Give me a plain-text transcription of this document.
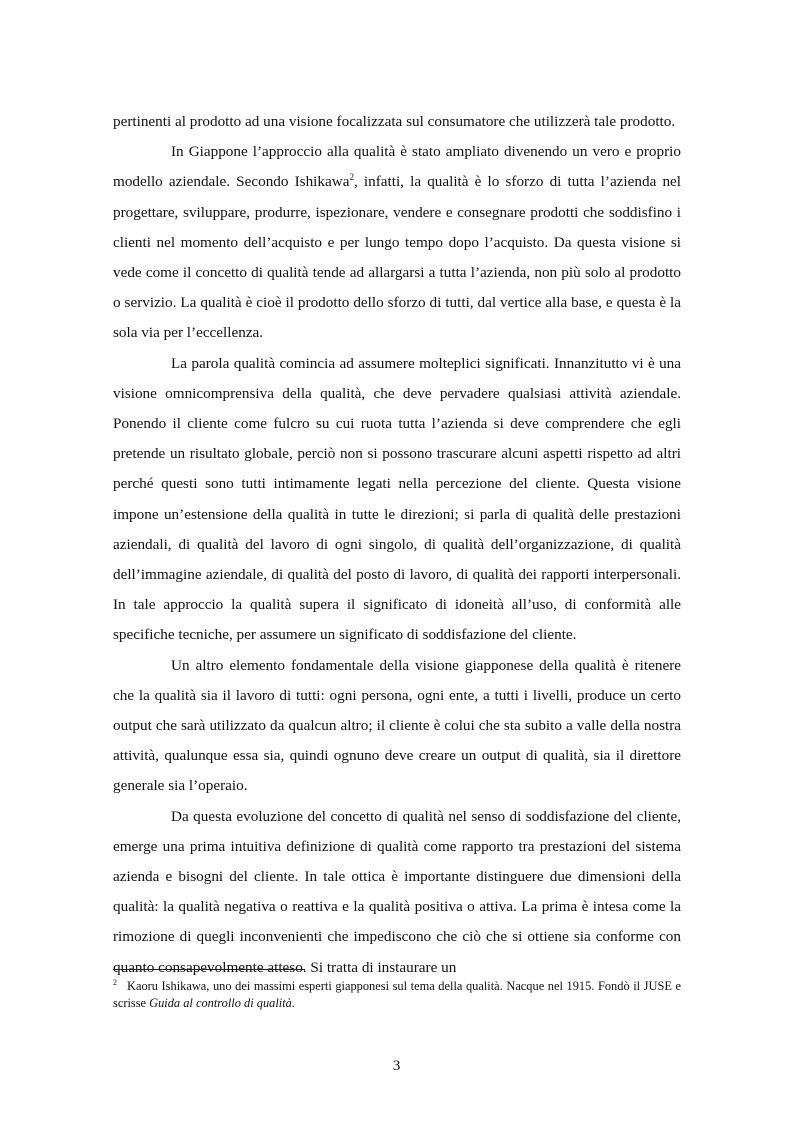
pertinenti al prodotto ad una visione focalizzata sul consumatore che utilizzerà tale prodotto.

In Giappone l’approccio alla qualità è stato ampliato divenendo un vero e proprio modello aziendale. Secondo Ishikawa$^2$, infatti, la qualità è lo sforzo di tutta l’azienda nel progettare, sviluppare, produrre, ispezionare, vendere e consegnare prodotti che soddisfino i clienti nel momento dell’acquisto e per lungo tempo dopo l’acquisto. Da questa visione si vede come il concetto di qualità tende ad allargarsi a tutta l’azienda, non più solo al prodotto o servizio. La qualità è cioè il prodotto dello sforzo di tutti, dal vertice alla base, e questa è la sola via per l’eccellenza.

La parola qualità comincia ad assumere molteplici significati. Innanzitutto vi è una visione omnicomprensiva della qualità, che deve pervadere qualsiasi attività aziendale. Ponendo il cliente come fulcro su cui ruota tutta l’azienda si deve comprendere che egli pretende un risultato globale, perciò non si possono trascurare alcuni aspetti rispetto ad altri perché questi sono tutti intimamente legati nella percezione del cliente. Questa visione impone un’estensione della qualità in tutte le direzioni; si parla di qualità delle prestazioni aziendali, di qualità del lavoro di ogni singolo, di qualità dell’organizzazione, di qualità dell’immagine aziendale, di qualità del posto di lavoro, di qualità dei rapporti interpersonali. In tale approccio la qualità supera il significato di idoneità all’uso, di conformità alle specifiche tecniche, per assumere un significato di soddisfazione del cliente.

Un altro elemento fondamentale della visione giapponese della qualità è ritenere che la qualità sia il lavoro di tutti: ogni persona, ogni ente, a tutti i livelli, produce un certo output che sarà utilizzato da qualcun altro; il cliente è colui che sta subito a valle della nostra attività, qualunque essa sia, quindi ognuno deve creare un output di qualità, sia il direttore generale sia l’operaio.

Da questa evoluzione del concetto di qualità nel senso di soddisfazione del cliente, emerge una prima intuitiva definizione di qualità come rapporto tra prestazioni del sistema azienda e bisogni del cliente. In tale ottica è importante distinguere due dimensioni della qualità: la qualità negativa o reattiva e la qualità positiva o attiva. La prima è intesa come la rimozione di quegli inconvenienti che impediscono che ciò che si ottiene sia conforme con quanto consapevolmente atteso. Si tratta di instaurare un

$^2$ Kaoru Ishikawa, uno dei massimi esperti giapponesi sul tema della qualità. Nacque nel 1915. Fondò il JUSE e scrisse Guida al controllo di qualità.

3
